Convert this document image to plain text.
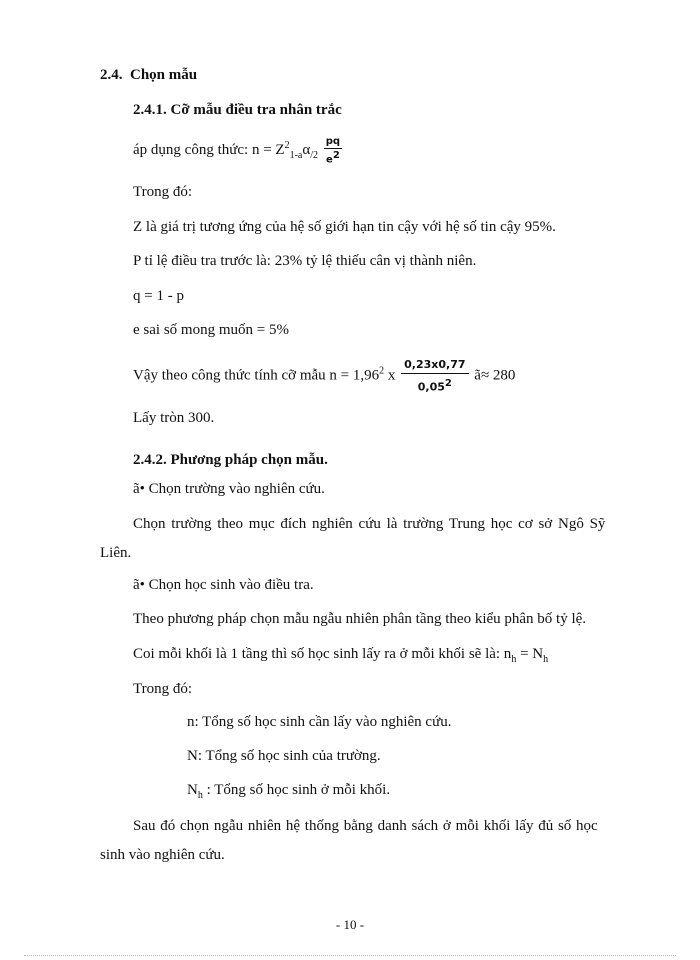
2.4. Chọn mẫu
2.4.1. Cỡ mẫu điều tra nhân trắc
áp dụng công thức: $n = Z^2_{1-a}\alpha_{/2} \frac{pq}{e^2}$
Trong đó:
Z là giá trị tương ứng của hệ số giới hạn tin cậy với hệ số tin cậy 95%.
P tỉ lệ điều tra trước là: 23% tỷ lệ thiếu cân vị thành niên.
q = 1 - p
e sai số mong muốn = 5%
Vậy theo công thức tính cỡ mẫu $n = 1,96^2$ x $\frac{0,23x0,77}{0,05^2}$ ã≈ 280
Lấy tròn 300.
2.4.2. Phương pháp chọn mẫu.
ã• Chọn trường vào nghiên cứu.
Chọn trường theo mục đích nghiên cứu là trường Trung học cơ sở Ngô Sỹ
Liên.
ã• Chọn học sinh vào điều tra.
Theo phương pháp chọn mẫu ngẫu nhiên phân tầng theo kiểu phân bố tỷ lệ.
Coi mỗi khối là 1 tầng thì số học sinh lấy ra ở mỗi khối sẽ là: $n_h = N_h$
Trong đó:
n: Tổng số học sinh cần lấy vào nghiên cứu.
N: Tổng số học sinh của trường.
$N_h$ : Tổng số học sinh ở mỗi khối.
Sau đó chọn ngẫu nhiên hệ thống bằng danh sách ở mỗi khối lấy đủ số học
sinh vào nghiên cứu.
- 10 -
